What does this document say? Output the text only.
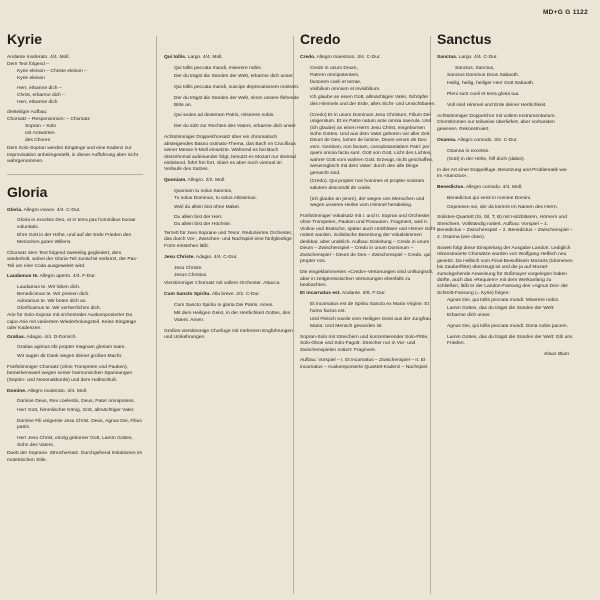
MD+G G 1122
Kyrie

Andante moderato. 4/4. Moll.

Dem Text folgend –

Kyrie eleison – Christe eleison –

Kyrie eleison

Herr, erbarme dich –

Christ, erbarme dich –

Herr, erbarme dich

dreiteiliger Aufbau:

Chorsatz – Responsorium: – Chorsatz

Sopran – Solo

mit Antworten

des Chores

Dem Solo-Sopran werden Eingänge und eine Kadenz zur Improvisation anheimgestellt, in dieser Aufführung aber nicht wahrgenommen.

Gloria

Gloria. Allegro vivace. 4/4. C-Dur.

Gloria in excelsis Deo, et in terra pax hominibus bonae voluntatis.

Ehre Gott in der Höhe, und auf der Erde Frieden den Menschen guten Willens.

Chorsatz dem Text folgend zweiteilig gegliedert, dem wiederholt, wobei der Gloria-Teil zunächst verkürzt, der Pax-Teil um eine Coda ausgeweitet wird.

Laudamus te. Allegro aperto. 4/4. F-Dur.

Laudamus te. Wir loben dich.

Benedicimus te. Wir preisen dich.

Adoramus te. Wir beten dich an.

Glorificamus te. Wir verherrlichen dich.

Arie für Solo-Sopran mit orchestraler Auskomponierter Da capo-Arie mit variiertem Wiederholungsteil. Keine Eingänge oder Kadenzen.

Gratias. Adagio. 4/4. D-Dorisch.

Gratias agimus tibi propter magnam gloriam tuam.

Wir sagen dir Dank wegen deiner großen Macht.

Fünfstimmiger Chorsatz (ohne Trompeten und Pauken), bemerkenswert wegen seiner harmonischen Spannungen (Septim- und Nonenakkorde) und dem Halbschluß.

Domine. Allegro moderato. 3/4. Moll.

Domine Deus, Rex coelestis, Deus, Pater omnipotens.

Herr Gott, himmlischer König, Gott, allmächtiger Vater.

Domine Fili unigenite Jesu Christ. Deus, Agnus Dei, Filius patris.

Herr Jesu Christ, einzig geborner Gott, Lamm Gottes, Sohn des Vaters.

Duett der Soprane. Streichersatz. Durchgehend Imitationen im motettischen Stile.

Qui tollis. Largo. 4/4. Moll.

Qui tollis peccata mundi, miserere nobis.

Der du trägst die Sünden der Welt, erbarme dich unser.

Qui tollis peccata mundi, suscipe deprecationem nostram.

Der du trägst die Sünden der Welt, nimm unsere flehende Bitte an.

Qui sedes ad dexteram Patris, miserere nobis.

Der du sitzt zur Rechten des Vaters, erbarme dich unser.

Achtstimmiger Doppelchorsatz über ein chromatisch absteigendes Basso ostinato-Thema, das Bach im Crucifixus seiner Messe h-Moll einsetzte. Während es bei Bach dreizehnmal aufeinander folgt, benutzt es Mozart nur dreimal einleitend, führt frei fort, zitiert es aber noch viermal im Verlaufe des Satzes.

Quoniam. Allegro. 2/2. Moll.

Quoniam tu solus Sanctus,

Tu solus Dominus, tu solus Altissimus.

Weil du allein bist ohne Makel.

Du allein bist der Herr.

Du allein bist der Höchste.

Terzett für zwei Soprane und Tenor. Reduziertes Orchester, das durch Vor-, Zwischen- und Nachspiel eine fünfgliedrige Form entstehen läßt.

Jesu Christe. Adagio. 4/4. C-Dur.

Jesu Christe.

Jesus Christus.

Vierstimmiger Chorsatz mit vollem Orchester. Attacca.

Cum Sancto Spiritu. Alla breve. 2/2. C-Dur.

Cum Sancto Spiritu in gloria Dei Patris. Amen.

Mit dem Heiligen Geist, in der Herrlichkeit Gottes, des Vaters. Amen.

Großes vierstimmige Chorfuge mit mehreren Engführungen und Umkehrungen.

Credo

Credo. Allegro maestoso. 3/4. C-Dur.

Credo in unum Deum,

Patrem omnipotentem,

factorem coeli et terrae,

visibilium omnium et invisibilium.

Ich glaube an einen Gott, allmächtigen Vater, Schöpfer des Himmels und der Erde, alles Sicht- und Unsichtbaren.

(Credo) Et in unum Dominum Jesu Christum, Filium Dei unigenitum. Et ex Patre natum ante omnia saecula. Und (ich glaube) an einen Herrn Jesu Christ, eingebornen Sohn Gottes. Und aus dem Vater geboren vor aller Zeit. Deum de Deo, lumen de lumine, Deum verum de Deo vero. Genitum, non factum, consubstantialem Patri: per quem omnia facta sunt. Gott von Gott, Licht des Lichtes, wahrer Gott vom wahren Gott. Erzeugt, nicht geschaffen, wesensgleich mit dem Vater: durch den alle Dinge gemacht sind.

(Credo). Qui propter nos homines et propter nostram salutem descendit de coelis.

(Ich glaube an jenen), der wegen uns Menschen und wegen unseres Heiles vom Himmel herabstieg.

Fünfstimmiger Vokalsatz mit I. und II. Sopran und Orchester ohne Trompeten, Pauken und Posaunen. Fragment, weil II. Violine und Bratsche, später auch Holzbläser und Hörner nicht notiert wurden. Solistische Besetzung der Vokalstimmen denkbar, aber unüblich. Aufbau: Einleitung – Credo in unum Deum – Zwischenspiel – Credo in unum Dominum – Zwischenspiel – Deum de Deo – Zwischenspiel – Credo, qui propter nos.

Die eingeklammerten »Credo«-Vertonungen sind unliturgisch, aber in zeitgenössischen Vertonungen ebenfalls zu beobachten.

Et incarnatus est. Andante. 6/8. F-Dur.

Et incarnatus est de Spiritu Sancto ex Maria Virgine: Et homo factus est.

Und Fleisch wurde vom Heiligen Geist aus der Jungfrau Maria: Und Mensch geworden ist.

Sopran-Solo mit Streichern und konzertierender Solo-Flöte, Solo-Oboe und Solo-Fagott. Streicher nur in Vor- und Zwischenspielen notiert: Fragment.

Aufbau: Vorspiel – I. Et incarnatus – Zwischenspiel – II. Et incarnatus – Auskomponierte Quartett-Kadenz – Nachspiel.

Sanctus

Sanctus. Largo. 4/4. C-Dur.

Sanctus, Sanctus,

Sanctus Dominus Deus Sabaoth.

Heilig, heilig, heiliger Herr Gott Sabaoth.

Pleni sunt coeli et terra gloria tua.

Voll sind Himmel und Erde deiner Herrlichkeit.

Achtstimmiger Doppelchor mit vollem Instrumentarium. Chorstimmen nur teilweise überliefert, aber vorhanden gewesen. Rekonstruiert.

Osanna. Allegro comodo. 3/4. C-Dur.

Osanna in excelsis.

(Gott) in der Höhe, hilf doch (dabei).

In der Art einer Doppelfuge. Besetzung und Problematik wie im »Sanctus«.

Benedictus. Allegro comodo. 4/4. Moll.

Benedictus qui venit in nomine Domini.

Gepriesen sei, der da kommt Im Namen des Herrn.

Solisten-Quartett (Si, Sil, T, B) mit Holzbläsern, Hörnern und Streichern. Vollständig notiert. Aufbau: Vorspiel – 1. Benedictus – Zwischenspiel – 2. Benedictus – Zwischenspiel – 2. Osanna (wie oben).

Soweit folgt diese Einspielung der Ausgabe Landon. Lediglich rekonstruierte Chorsätze wurden von Wolfgang Helbich neu gesetzt. Da Helbich vom Final-Bewußtsein Mozarts (Idomeneo bis Zauberflöte) überzeugt ist und die ja auf Mozart zurückgehende Anweisung für Süßmayer vorgelegen haben dürfte, auch das »Requiem« mit dem Werkanfang zu schließen, läßt er der Landon-Fassung des »Agnus Dei« der Schmitt-Fassung (= Kyrie) folgen:

Agnus Dei, qui tollis peccata mundi: Miserere nobis.

Lamm Gottes, das du trägst die Sünden der Welt: Erbarme dich unser.

Agnus Dei, qui tollis peccata mundi: Dona nobis pacem.

Lamm Gottes, das du trägst die Sünden der Welt: Gib uns Frieden.

Klaus Blum
